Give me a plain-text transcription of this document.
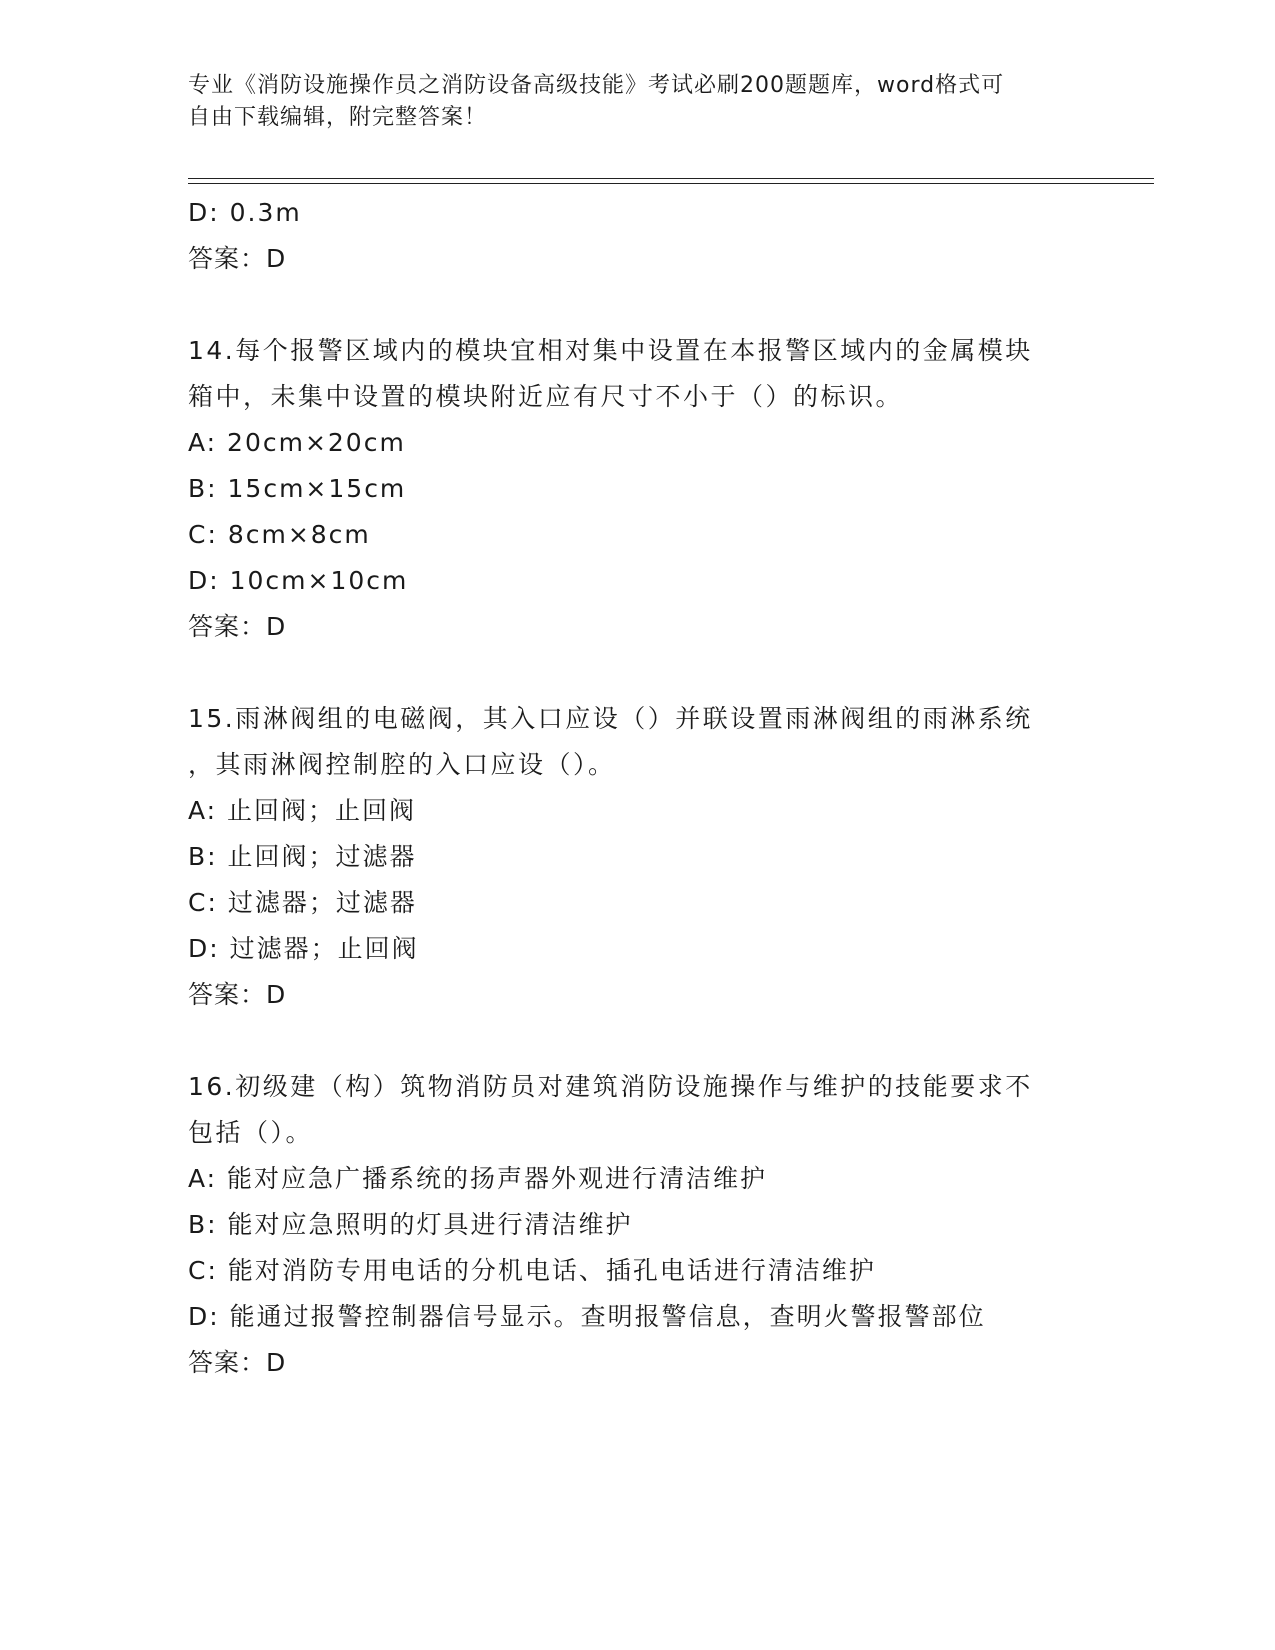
专业《消防设施操作员之消防设备高级技能》考试必刷200题题库，word格式可
自由下载编辑，附完整答案！
D: 0.3m
答案：D
14.每个报警区域内的模块宜相对集中设置在本报警区域内的金属模块
箱中，未集中设置的模块附近应有尺寸不小于（）的标识。
A: 20cm×20cm
B: 15cm×15cm
C: 8cm×8cm
D: 10cm×10cm
答案：D
15.雨淋阀组的电磁阀，其入口应设（）并联设置雨淋阀组的雨淋系统
，其雨淋阀控制腔的入口应设（）。
A: 止回阀；止回阀
B: 止回阀；过滤器
C: 过滤器；过滤器
D: 过滤器；止回阀
答案：D
16.初级建（构）筑物消防员对建筑消防设施操作与维护的技能要求不
包括（）。
A: 能对应急广播系统的扬声器外观进行清洁维护
B: 能对应急照明的灯具进行清洁维护
C: 能对消防专用电话的分机电话、插孔电话进行清洁维护
D: 能通过报警控制器信号显示。查明报警信息，查明火警报警部位
答案：D
